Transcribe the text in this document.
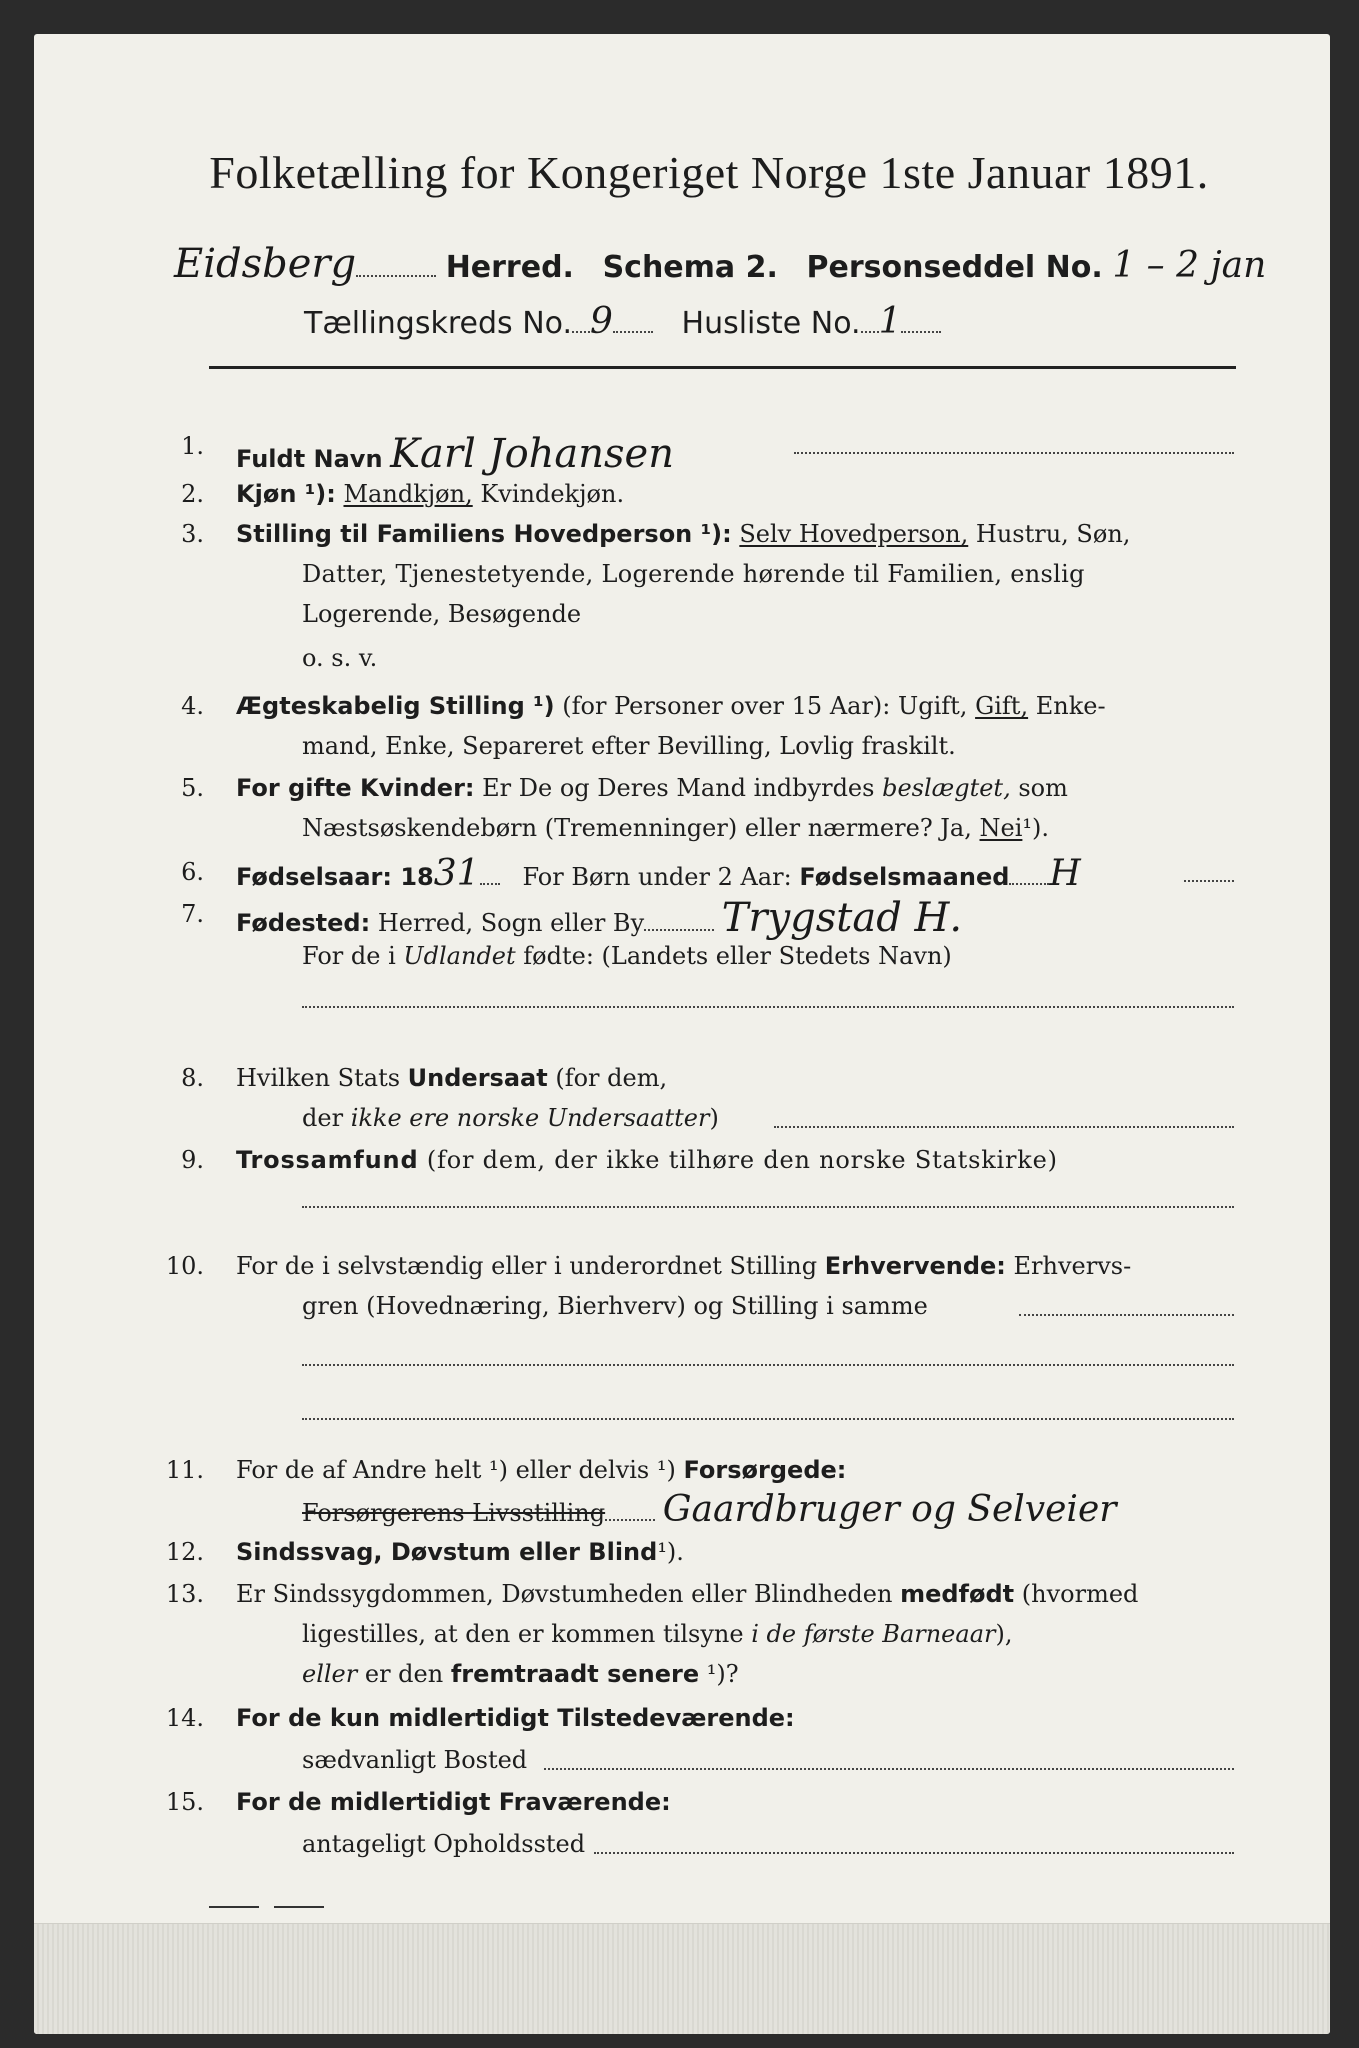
Folketælling for Kongeriget Norge 1ste Januar 1891.
Eidsberg	Herred. Schema 2. Personseddel No. 1 – 2 jan
Tællingskreds No. 9 Husliste No. 1
1. Fuldt Navn Karl Johansen
2. Kjøn ¹): Mandkjøn, Kvindekjøn.
3. Stilling til Familiens Hovedperson ¹): Selv Hovedperson, Hustru, Søn,
Datter, Tjenestetyende, Logerende hørende til Familien, enslig
Logerende, Besøgende
o. s. v.
4. Ægteskabelig Stilling ¹) (for Personer over 15 Aar): Ugift, Gift, Enke-
mand, Enke, Separeret efter Bevilling, Lovlig fraskilt.
5. For gifte Kvinder: Er De og Deres Mand indbyrdes beslægtet, som
Næstsøskendebørn (Tremenninger) eller nærmere? Ja, Nei¹).
6. Fødselsaar: 1831 For Børn under 2 Aar: Fødselsmaaned H
7. Fødested: Herred, Sogn eller By Trygstad H.
For de i Udlandet fødte: (Landets eller Stedets Navn)
8. Hvilken Stats Undersaat (for dem,
der ikke ere norske Undersaatter)
9. Trossamfund (for dem, der ikke tilhøre den norske Statskirke)
10. For de i selvstændig eller i underordnet Stilling Erhvervende: Erhvervs-
gren (Hovednæring, Bierhverv) og Stilling i samme
11. For de af Andre helt ¹) eller delvis ¹) Forsørgede:
Forsørgerens Livsstilling Gaardbruger og Selveier
12. Sindssvag, Døvstum eller Blind¹).
13. Er Sindssygdommen, Døvstumheden eller Blindheden medfødt (hvormed
ligestilles, at den er kommen tilsyne i de første Barneaar),
eller er den fremtraadt senere ¹)?
14. For de kun midlertidigt Tilstedeværende:
sædvanligt Bosted
15. For de midlertidigt Fraværende:
antageligt Opholdssted
